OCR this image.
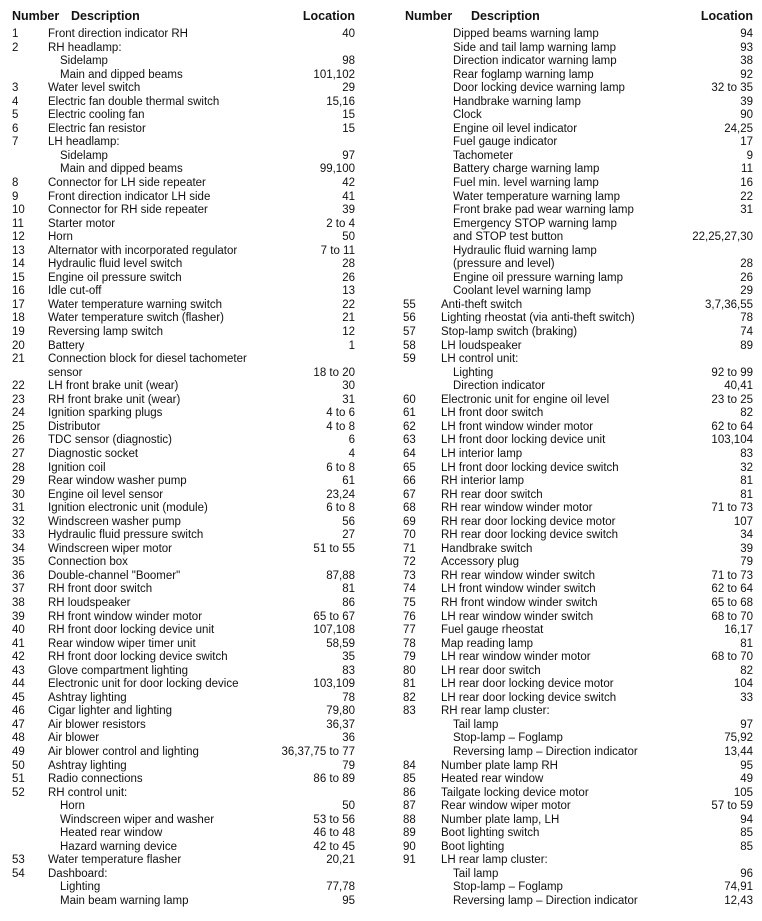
Number Description	Location
1	Front direction indicator RH	40
2	RH headlamp:
Sidelamp	98
Main and dipped beams	101,102
3	Water level switch	29
4	Electric fan double thermal switch	15,16
5	Electric cooling fan	15
6	Electric fan resistor	15
7	LH headlamp:
Sidelamp	97
Main and dipped beams	99,100
8	Connector for LH side repeater	42
9	Front direction indicator LH side	41
10 Connector for RH side repeater	39
11 Starter motor	2 to 4
12 Horn	50
13 Alternator with incorporated regulator	7 to 11
14 Hydraulic fluid level switch	28
15 Engine oil pressure switch	26
16 Idle cut-off	13
17 Water temperature warning switch	22
18 Water temperature switch (flasher)	21
19 Reversing lamp switch	12
20 Battery	1
21 Connection block for diesel tachometer
sensor	18 to 20
22 LH front brake unit (wear)	30
23 RH front brake unit (wear)	31
24 Ignition sparking plugs	4 to 6
25 Distributor	4 to 8
26 TDC sensor (diagnostic)	6
27 Diagnostic socket	4
28 Ignition coil	6 to 8
29 Rear window washer pump	61
30 Engine oil level sensor	23,24
31 Ignition electronic unit (module)	6 to 8
32 Windscreen washer pump	56
33 Hydraulic fluid pressure switch	27
34 Windscreen wiper motor	51 to 55
35 Connection box
36 Double-channel "Boomer"	87,88
37 RH front door switch	81
38 RH loudspeaker	86
39 RH front window winder motor	65 to 67
40 RH front door locking device unit	107,108
41 Rear window wiper timer unit	58,59
42 RH front door locking device switch	35
43 Glove compartment lighting	83
44 Electronic unit for door locking device	103,109
45 Ashtray lighting	78
46 Cigar lighter and lighting	79,80
47 Air blower resistors	36,37
48 Air blower	36
49 Air blower control and lighting	36,37,75 to 77
50 Ashtray lighting	79
51 Radio connections	86 to 89
52 RH control unit:
Horn	50
Windscreen wiper and washer	53 to 56
Heated rear window	46 to 48
Hazard warning device	42 to 45
53 Water temperature flasher	20,21
54 Dashboard:
Lighting	77,78
Main beam warning lamp	95
Number Description	Location
Dipped beams warning lamp	94
Side and tail lamp warning lamp	93
Direction indicator warning lamp	38
Rear foglamp warning lamp	92
Door locking device warning lamp	32 to 35
Handbrake warning lamp	39
Clock	90
Engine oil level indicator	24,25
Fuel gauge indicator	17
Tachometer	9
Battery charge warning lamp	11
Fuel min. level warning lamp	16
Water temperature warning lamp	22
Front brake pad wear warning lamp	31
Emergency STOP warning lamp
and STOP test button	22,25,27,30
Hydraulic fluid warning lamp
(pressure and level)	28
Engine oil pressure warning lamp	26
Coolant level warning lamp	29
55 Anti-theft switch	3,7,36,55
56 Lighting rheostat (via anti-theft switch)	78
57 Stop-lamp switch (braking)	74
58 LH loudspeaker	89
59 LH control unit:
Lighting	92 to 99
Direction indicator	40,41
60 Electronic unit for engine oil level	23 to 25
61 LH front door switch	82
62 LH front window winder motor	62 to 64
63 LH front door locking device unit	103,104
64 LH interior lamp	83
65 LH front door locking device switch	32
66 RH interior lamp	81
67 RH rear door switch	81
68 RH rear window winder motor	71 to 73
69 RH rear door locking device motor	107
70 RH rear door locking device switch	34
71 Handbrake switch	39
72 Accessory plug	79
73 RH rear window winder switch	71 to 73
74 LH front window winder switch	62 to 64
75 RH front window winder switch	65 to 68
76 LH rear window winder switch	68 to 70
77 Fuel gauge rheostat	16,17
78 Map reading lamp	81
79 LH rear window winder motor	68 to 70
80 LH rear door switch	82
81 LH rear door locking device motor	104
82 LH rear door locking device switch	33
83 RH rear lamp cluster:
Tail lamp	97
Stop-lamp – Foglamp	75,92
Reversing lamp – Direction indicator	13,44
84 Number plate lamp RH	95
85 Heated rear window	49
86 Tailgate locking device motor	105
87 Rear window wiper motor	57 to 59
88 Number plate lamp, LH	94
89 Boot lighting switch	85
90 Boot lighting	85
91 LH rear lamp cluster:
Tail lamp	96
Stop-lamp – Foglamp	74,91
Reversing lamp – Direction indicator	12,43
